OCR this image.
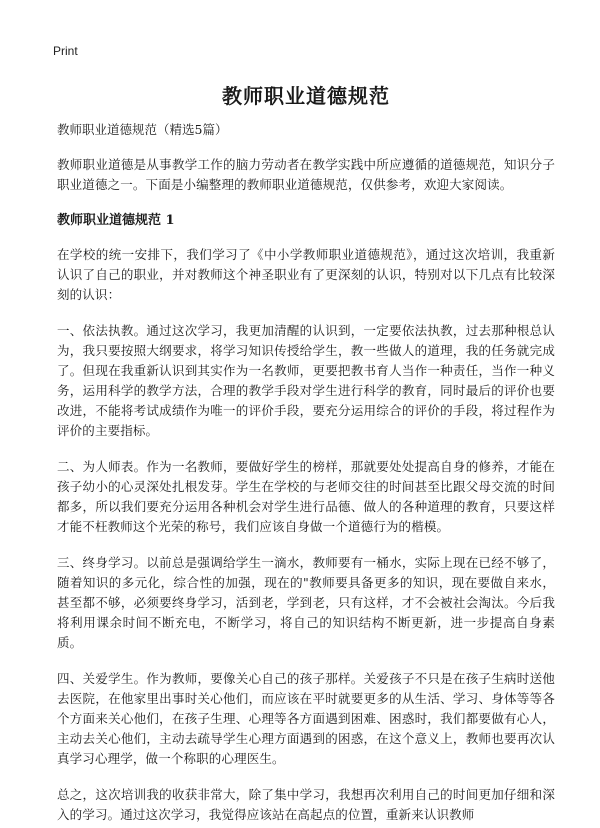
Print
教师职业道德规范
教师职业道德规范（精选5篇）

教师职业道德是从事教学工作的脑力劳动者在教学实践中所应遵循的道德规范，知识分子职业道德之一。下面是小编整理的教师职业道德规范，仅供参考，欢迎大家阅读。

教师职业道德规范 1

在学校的统一安排下，我们学习了《中小学教师职业道德规范》，通过这次培训，我重新认识了自己的职业，并对教师这个神圣职业有了更深刻的认识，特别对以下几点有比较深刻的认识：

一、依法执教。通过这次学习，我更加清醒的认识到，一定要依法执教，过去那种根总认为，我只要按照大纲要求，将学习知识传授给学生，教一些做人的道理，我的任务就完成了。但现在我重新认识到其实作为一名教师，更要把教书育人当作一种责任，当作一种义务，运用科学的教学方法，合理的教学手段对学生进行科学的教育，同时最后的评价也要改进，不能将考试成绩作为唯一的评价手段，要充分运用综合的评价的手段，将过程作为评价的主要指标。

二、为人师表。作为一名教师，要做好学生的榜样，那就要处处提高自身的修养，才能在孩子幼小的心灵深处扎根发芽。学生在学校的与老师交往的时间甚至比跟父母交流的时间都多，所以我们要充分运用各种机会对学生进行品德、做人的各种道理的教育，只要这样才能不枉教师这个光荣的称号，我们应该自身做一个道德行为的楷模。

三、终身学习。以前总是强调给学生一滴水，教师要有一桶水，实际上现在已经不够了，随着知识的多元化，综合性的加强，现在的"教师要具备更多的知识，现在要做自来水，甚至都不够，必须要终身学习，活到老，学到老，只有这样，才不会被社会淘汰。今后我将利用课余时间不断充电，不断学习，将自己的知识结构不断更新，进一步提高自身素质。

四、关爱学生。作为教师，要像关心自己的孩子那样。关爱孩子不只是在孩子生病时送他去医院，在他家里出事时关心他们，而应该在平时就要更多的从生活、学习、身体等等各个方面来关心他们，在孩子生理、心理等各方面遇到困难、困惑时，我们都要做有心人，主动去关心他们，主动去疏导学生心理方面遇到的困惑，在这个意义上，教师也要再次认真学习心理学，做一个称职的心理医生。

总之，这次培训我的收获非常大，除了集中学习，我想再次利用自己的时间更加仔细和深入的学习。通过这次学习，我觉得应该站在高起点的位置，重新来认识教师
